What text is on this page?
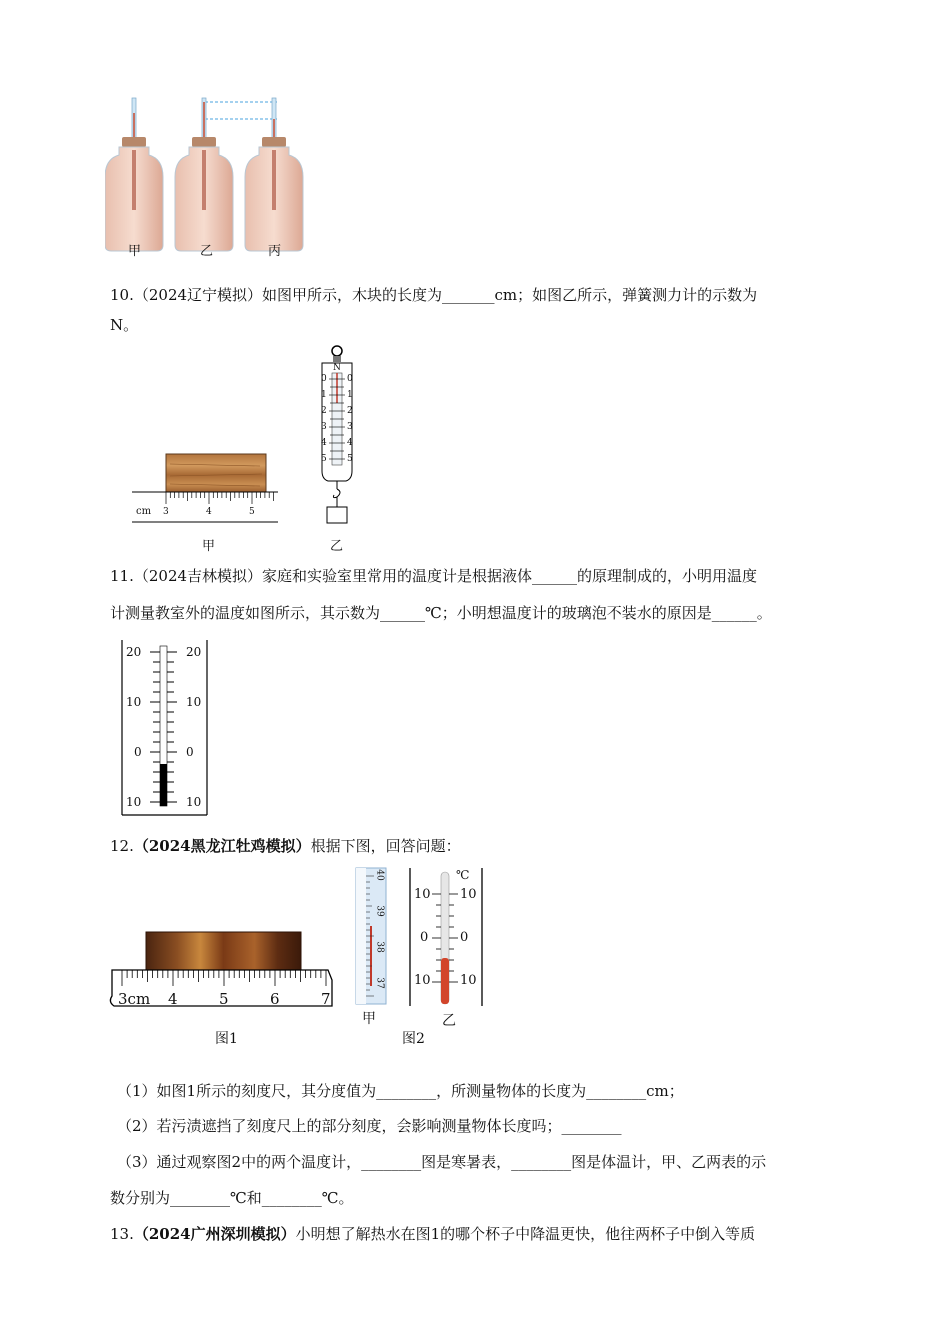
甲	乙	丙
10.（2024辽宁模拟）如图甲所示，木块的长度为_______cm；如图乙所示，弹簧测力计的示数为
N。
cm 3	4	5
甲
N
0
1
2
3
4
5
0
1
2
3
4
5
乙
11.（2024吉林模拟）家庭和实验室里常用的温度计是根据液体______的原理制成的，小明用温度
计测量教室外的温度如图所示，其示数为______℃；小明想温度计的玻璃泡不装水的原因是______。
20	20
10	10
0	0
10	10
12.（2024黑龙江牡鸡模拟）根据下图，回答问题：
3cm 4	5	6	7
图1
40
39
38
37
甲
℃
10 10
0 0
10 10
乙
图2
（1）如图1所示的刻度尺，其分度值为________，所测量物体的长度为________cm；
（2）若污渍遮挡了刻度尺上的部分刻度，会影响测量物体长度吗；________
（3）通过观察图2中的两个温度计，________图是寒暑表，________图是体温计，甲、乙两表的示
数分别为________℃和________℃。
13.（2024广州深圳模拟）小明想了解热水在图1的哪个杯子中降温更快，他往两杯子中倒入等质
